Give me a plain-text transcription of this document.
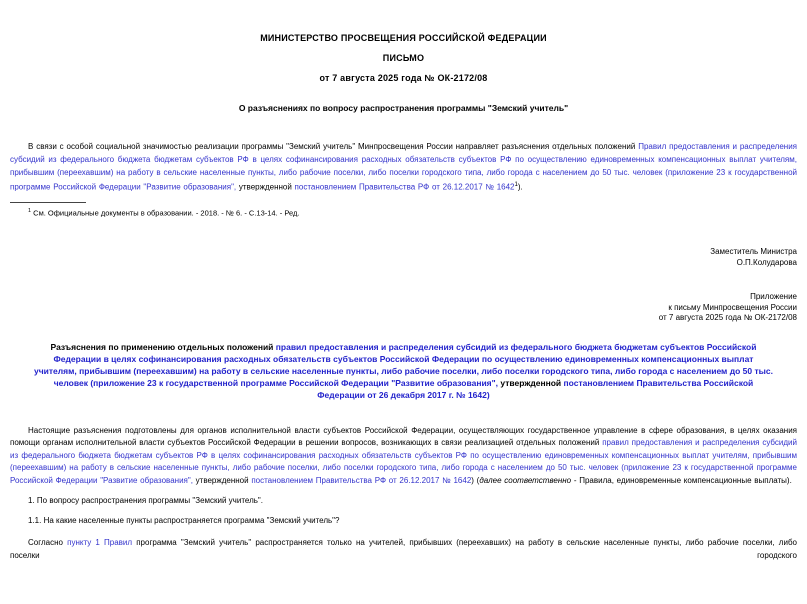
МИНИСТЕРСТВО ПРОСВЕЩЕНИЯ РОССИЙСКОЙ ФЕДЕРАЦИИ
ПИСЬМО
от 7 августа 2025 года № ОК-2172/08
О разъяснениях по вопросу распространения программы "Земский учитель"

В связи с особой социальной значимостью реализации программы "Земский учитель" Минпросвещения России направляет разъяснения отдельных положений Правил предоставления и распределения субсидий из федерального бюджета бюджетам субъектов РФ в целях софинансирования расходных обязательств субъектов РФ по осуществлению единовременных компенсационных выплат учителям, прибывшим (переехавшим) на работу в сельские населенные пункты, либо рабочие поселки, либо поселки городского типа, либо города с населением до 50 тыс. человек (приложение 23 к государственной программе Российской Федерации "Развитие образования", утвержденной постановлением Правительства РФ от 26.12.2017 № 1642$^1$).

$^1$ См. Официальные документы в образовании. - 2018. - № 6. - С.13-14. - Ред.

Заместитель Министра
О.П.Колударова
Приложение
к письму Минпросвещения России
от 7 августа 2025 года № ОК-2172/08
Разъяснения по применению отдельных положений правил предоставления и распределения субсидий из федерального бюджета бюджетам субъектов Российской Федерации в целях софинансирования расходных обязательств субъектов Российской Федерации по осуществлению единовременных компенсационных выплат учителям, прибывшим (переехавшим) на работу в сельские населенные пункты, либо рабочие поселки, либо поселки городского типа, либо города с населением до 50 тыс. человек (приложение 23 к государственной программе Российской Федерации "Развитие образования", утвержденной постановлением Правительства Российской Федерации от 26 декабря 2017 г. № 1642)

Настоящие разъяснения подготовлены для органов исполнительной власти субъектов Российской Федерации, осуществляющих государственное управление в сфере образования, в целях оказания помощи органам исполнительной власти субъектов Российской Федерации в решении вопросов, возникающих в связи реализацией отдельных положений правил предоставления и распределения субсидий из федерального бюджета бюджетам субъектов РФ в целях софинансирования расходных обязательств субъектов РФ по осуществлению единовременных компенсационных выплат учителям, прибывшим (переехавшим) на работу в сельские населенные пункты, либо рабочие поселки, либо поселки городского типа, либо города с населением до 50 тыс. человек (приложение 23 к государственной программе Российской Федерации "Развитие образования", утвержденной постановлением Правительства РФ от 26.12.2017 № 1642) (далее соответственно - Правила, единовременные компенсационные выплаты).

1. По вопросу распространения программы "Земский учитель".

1.1. На какие населенные пункты распространяется программа "Земский учитель"?

Согласно пункту 1 Правил программа "Земский учитель" распространяется только на учителей, прибывших (переехавших) на работу в сельские населенные пункты, либо рабочие поселки, либо поселки городского
